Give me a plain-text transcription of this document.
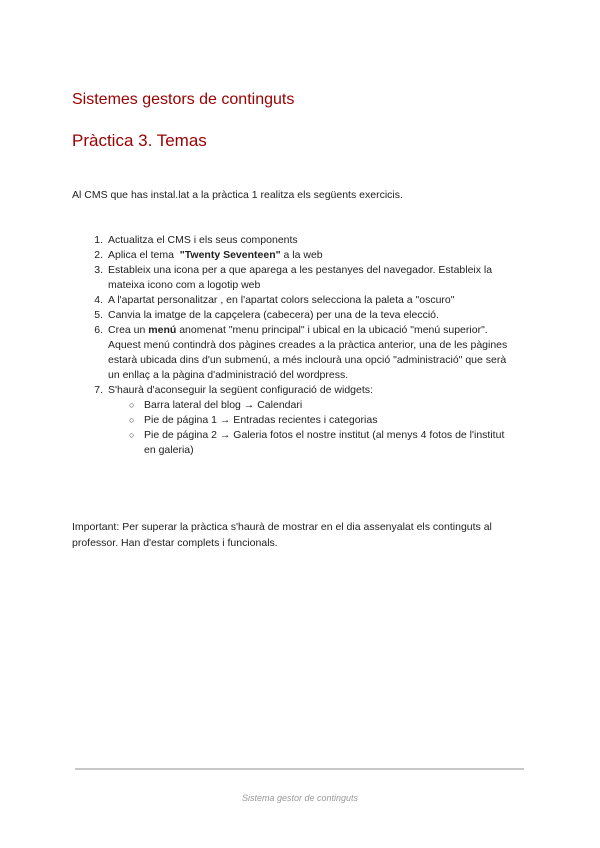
Sistemes gestors de continguts
Pràctica 3. Temas

Al CMS que has instal.lat a la pràctica 1 realitza els següents exercicis.

1. Actualitza el CMS i els seus components
2. Aplica el tema  "Twenty Seventeen" a la web
3. Estableix una icona per a que aparega a les pestanyes del navegador. Estableix la mateixa icono com a logotip web
4. A l'apartat personalitzar , en l'apartat colors selecciona la paleta a "oscuro"
5. Canvia la imatge de la capçelera (cabecera) per una de la teva elecció.
6. Crea un menú anomenat "menu principal" i ubical en la ubicació "menú superior". Aquest menú contindrà dos pàgines creades a la pràctica anterior, una de les pàgines estarà ubicada dins d'un submenú, a més inclourà una opció "administració" que serà un enllaç a la pàgina d'administració del wordpress.
7. S'haurà d'aconseguir la següent configuració de widgets:
○ Barra lateral del blog → Calendari
○ Pie de página 1 → Entradas recientes i categorias
○ Pie de página 2 → Galeria fotos el nostre institut (al menys 4 fotos de l'institut en galeria)

Important: Per superar la pràctica s'haurà de mostrar en el dia assenyalat els continguts al professor. Han d'estar complets i funcionals.

Sistema gestor de continguts
